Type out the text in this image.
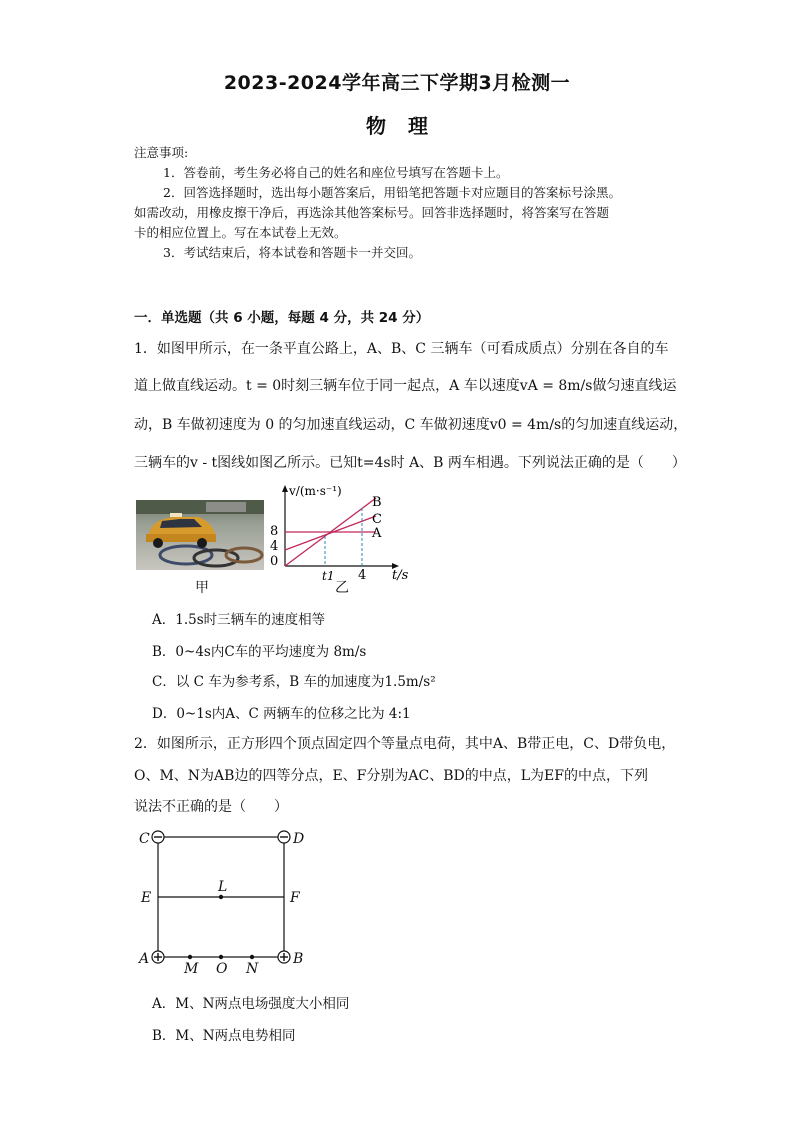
2023-2024学年高三下学期3月检测一
物理
注意事项:
1．答卷前，考生务必将自己的姓名和座位号填写在答题卡上。
2．回答选择题时，选出每小题答案后，用铅笔把答题卡对应题目的答案标号涂黑。
如需改动，用橡皮擦干净后，再选涂其他答案标号。回答非选择题时，将答案写在答题
卡的相应位置上。写在本试卷上无效。
3．考试结束后，将本试卷和答题卡一并交回。
一．单选题（共 6 小题，每题 4 分，共 24 分）
1．如图甲所示，在一条平直公路上，A、B、C 三辆车（可看成质点）分别在各自的车
道上做直线运动。t = 0时刻三辆车位于同一起点，A 车以速度vA = 8m/s做匀速直线运
动，B 车做初速度为 0 的匀加速直线运动，C 车做初速度v0 = 4m/s的匀加速直线运动，
三辆车的v - t图线如图乙所示。已知t=4s时 A、B 两车相遇。下列说法正确的是（　　）
甲
v/(m·s⁻¹)
t/s
8
4
0
B
C
A
t1 4
乙
A．1.5s时三辆车的速度相等
B．0~4s内C车的平均速度为 8m/s
C．以 C 车为参考系，B 车的加速度为1.5m/s²
D．0~1s内A、C 两辆车的位移之比为 4:1
2．如图所示，正方形四个顶点固定四个等量点电荷，其中A、B带正电，C、D带负电，
O、M、N为AB边的四等分点，E、F分别为AC、BD的中点，L为EF的中点，下列
说法不正确的是（　　）
C	D
E	F
L
A	B
M O N
A．M、N两点电场强度大小相同
B．M、N两点电势相同
